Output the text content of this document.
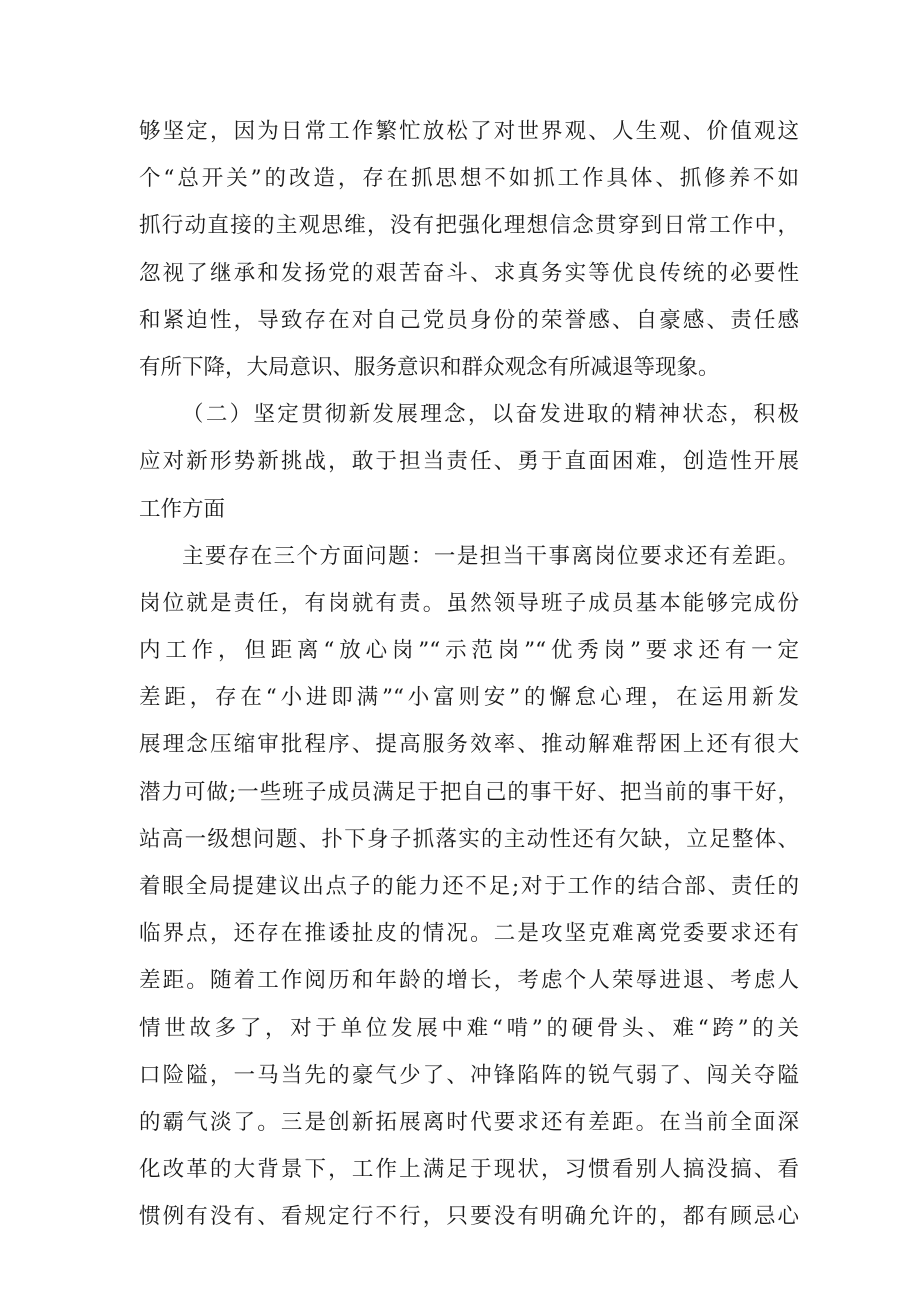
够坚定，因为日常工作繁忙放松了对世界观、人生观、价值观这
个“总开关”的改造，存在抓思想不如抓工作具体、抓修养不如
抓行动直接的主观思维，没有把强化理想信念贯穿到日常工作中，
忽视了继承和发扬党的艰苦奋斗、求真务实等优良传统的必要性
和紧迫性，导致存在对自己党员身份的荣誉感、自豪感、责任感
有所下降，大局意识、服务意识和群众观念有所减退等现象。
（二）坚定贯彻新发展理念，以奋发进取的精神状态，积极
应对新形势新挑战，敢于担当责任、勇于直面困难，创造性开展
工作方面
主要存在三个方面问题：一是担当干事离岗位要求还有差距。
岗位就是责任，有岗就有责。虽然领导班子成员基本能够完成份
内工作，但距离“放心岗”“示范岗”“优秀岗”要求还有一定
差距，存在“小进即满”“小富则安”的懈怠心理，在运用新发
展理念压缩审批程序、提高服务效率、推动解难帮困上还有很大
潜力可做;一些班子成员满足于把自己的事干好、把当前的事干好，
站高一级想问题、扑下身子抓落实的主动性还有欠缺，立足整体、
着眼全局提建议出点子的能力还不足;对于工作的结合部、责任的
临界点，还存在推诿扯皮的情况。二是攻坚克难离党委要求还有
差距。随着工作阅历和年龄的增长，考虑个人荣辱进退、考虑人
情世故多了，对于单位发展中难“啃”的硬骨头、难“跨”的关
口险隘，一马当先的豪气少了、冲锋陷阵的锐气弱了、闯关夺隘
的霸气淡了。三是创新拓展离时代要求还有差距。在当前全面深
化改革的大背景下，工作上满足于现状，习惯看别人搞没搞、看
惯例有没有、看规定行不行，只要没有明确允许的，都有顾忌心
